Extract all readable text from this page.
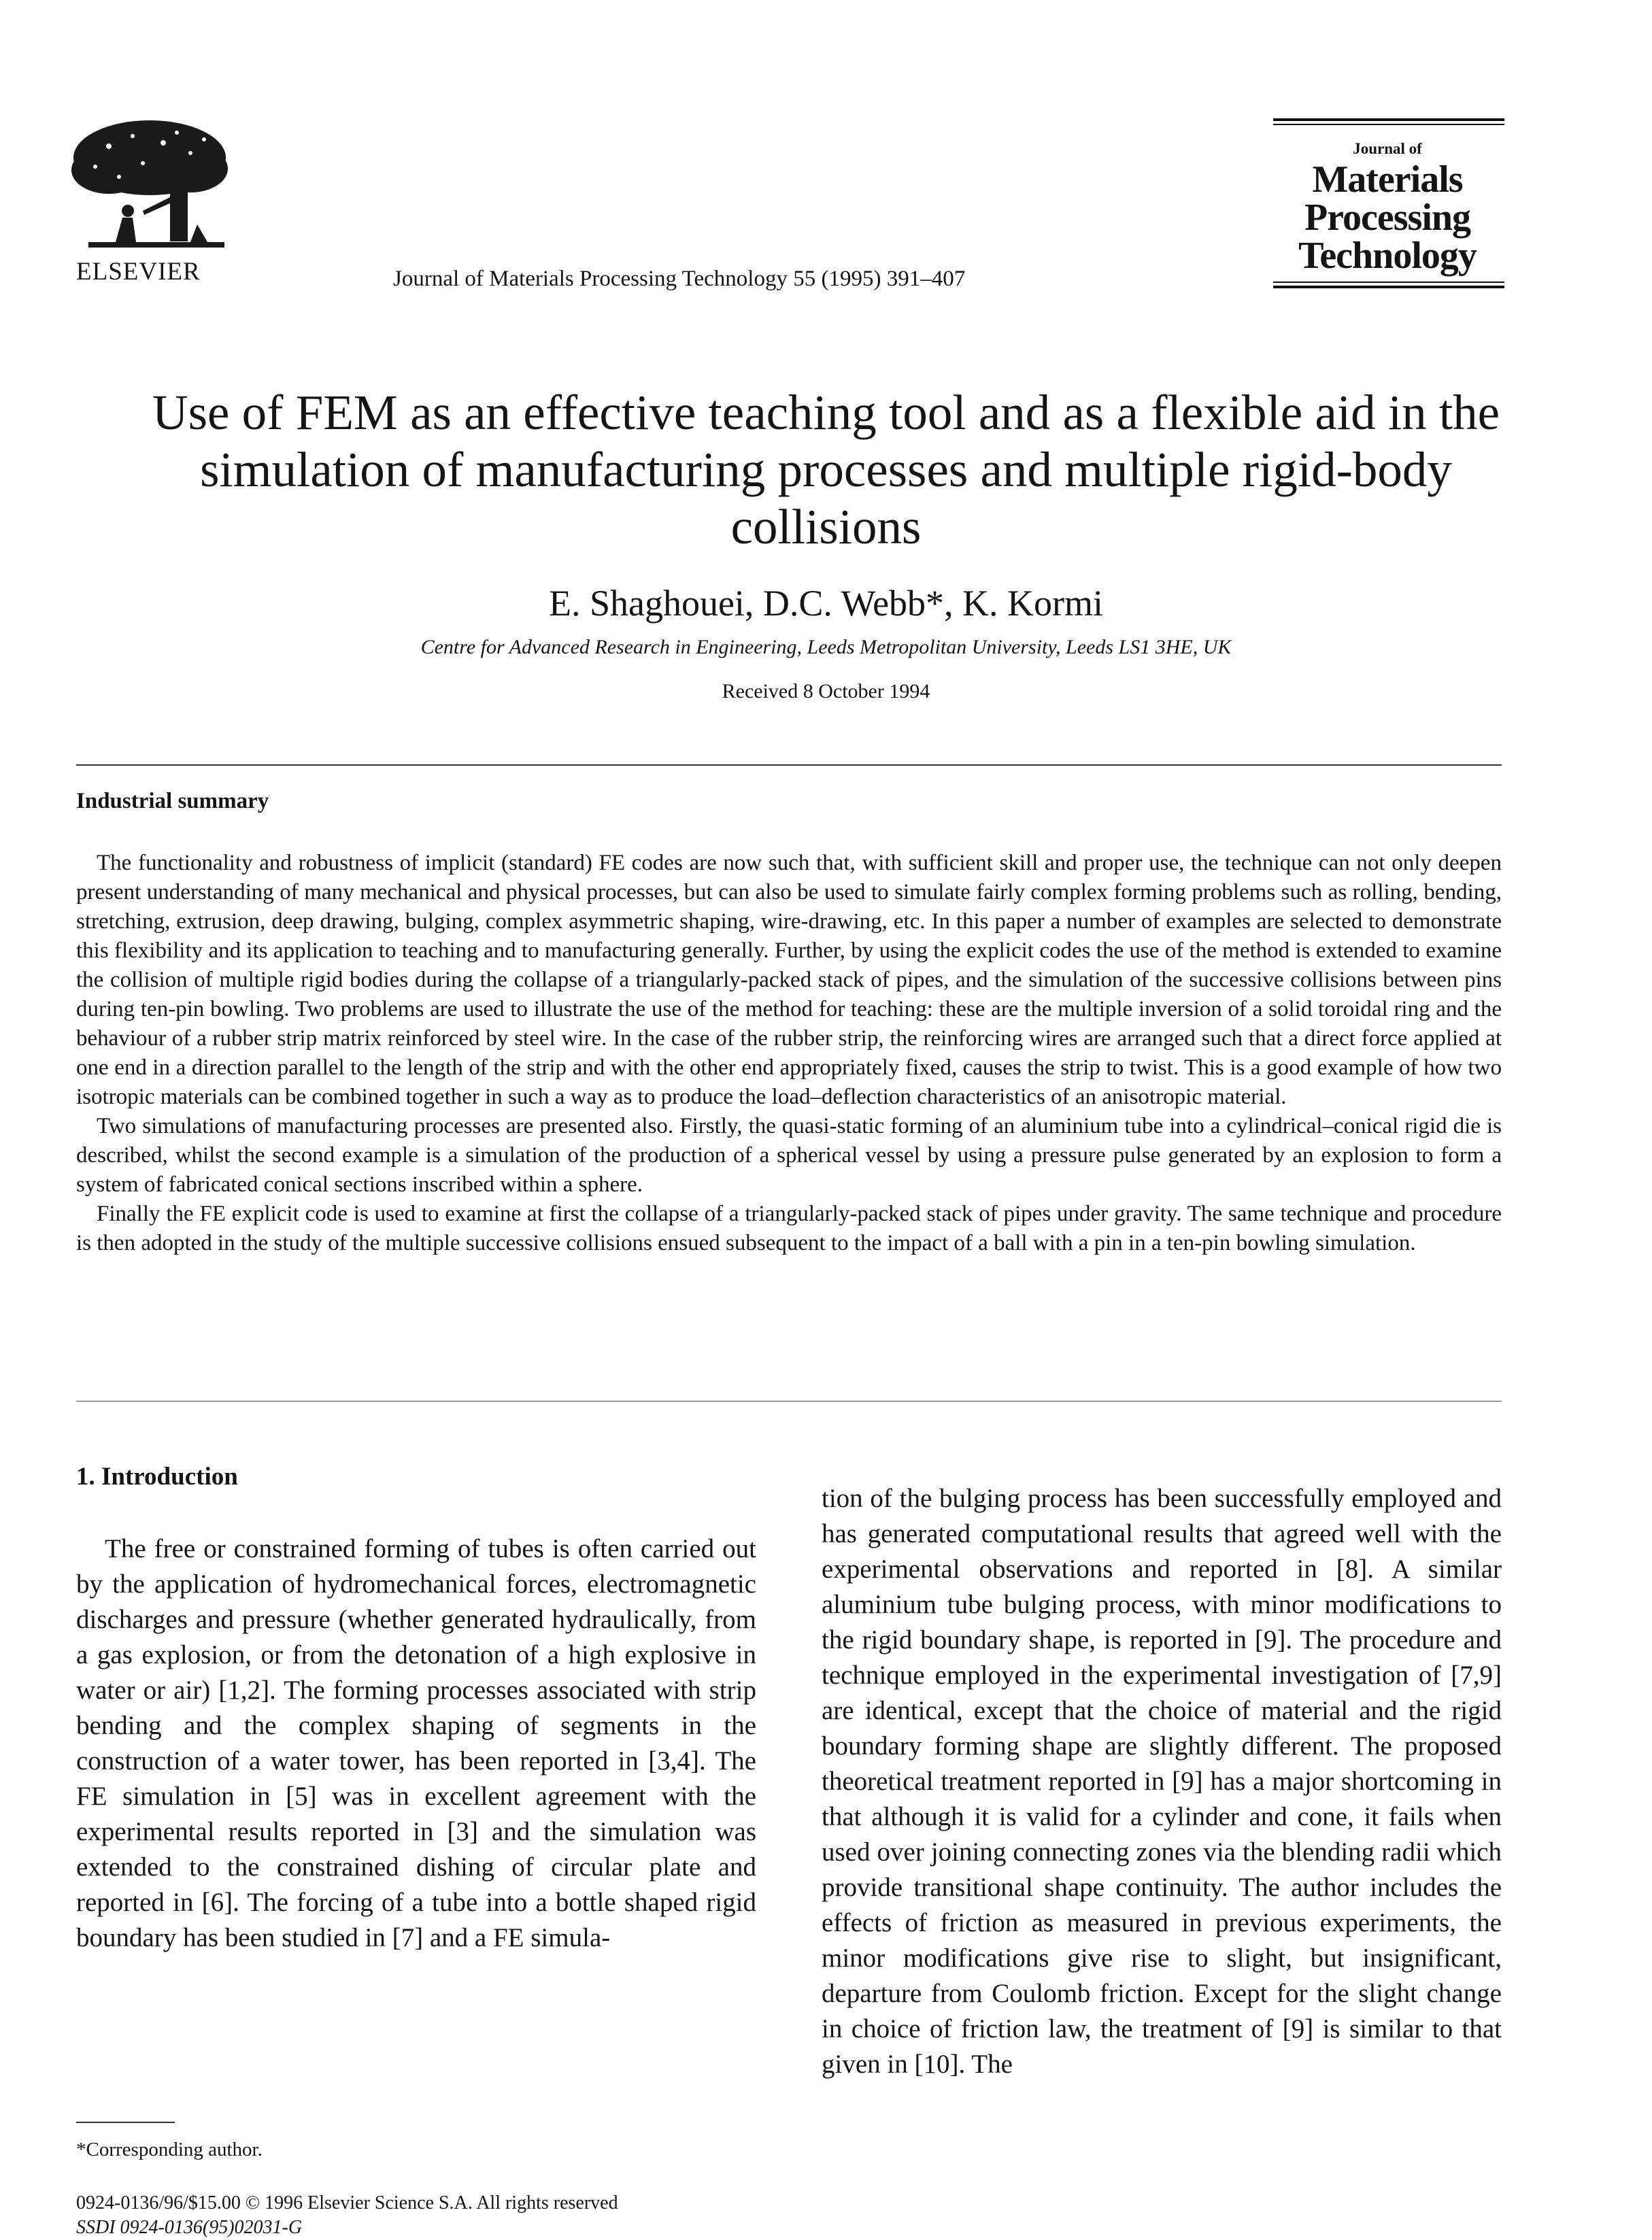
ELSEVIER	Journal of Materials Processing Technology 55 (1995) 391–407
Journal of
Materials
Processing
Technology
Use of FEM as an effective teaching tool and as a flexible aid in the simulation of manufacturing processes and multiple rigid-body collisions
E. Shaghouei, D.C. Webb*, K. Kormi
Centre for Advanced Research in Engineering, Leeds Metropolitan University, Leeds LS1 3HE, UK
Received 8 October 1994
Industrial summary

The functionality and robustness of implicit (standard) FE codes are now such that, with sufficient skill and proper use, the technique can not only deepen present understanding of many mechanical and physical processes, but can also be used to simulate fairly complex forming problems such as rolling, bending, stretching, extrusion, deep drawing, bulging, complex asymmetric shaping, wire-drawing, etc. In this paper a number of examples are selected to demonstrate this flexibility and its application to teaching and to manufacturing generally. Further, by using the explicit codes the use of the method is extended to examine the collision of multiple rigid bodies during the collapse of a triangularly-packed stack of pipes, and the simulation of the successive collisions between pins during ten-pin bowling. Two problems are used to illustrate the use of the method for teaching: these are the multiple inversion of a solid toroidal ring and the behaviour of a rubber strip matrix reinforced by steel wire. In the case of the rubber strip, the reinforcing wires are arranged such that a direct force applied at one end in a direction parallel to the length of the strip and with the other end appropriately fixed, causes the strip to twist. This is a good example of how two isotropic materials can be combined together in such a way as to produce the load–deflection characteristics of an anisotropic material.

Two simulations of manufacturing processes are presented also. Firstly, the quasi-static forming of an aluminium tube into a cylindrical–conical rigid die is described, whilst the second example is a simulation of the production of a spherical vessel by using a pressure pulse generated by an explosion to form a system of fabricated conical sections inscribed within a sphere.

Finally the FE explicit code is used to examine at first the collapse of a triangularly-packed stack of pipes under gravity. The same technique and procedure is then adopted in the study of the multiple successive collisions ensued subsequent to the impact of a ball with a pin in a ten-pin bowling simulation.

1. Introduction

The free or constrained forming of tubes is often carried out by the application of hydromechanical forces, electromagnetic discharges and pressure (whether generated hydraulically, from a gas explosion, or from the detonation of a high explosive in water or air) [1,2]. The forming processes associated with strip bending and the complex shaping of segments in the construction of a water tower, has been reported in [3,4]. The FE simulation in [5] was in excellent agreement with the experimental results reported in [3] and the simulation was extended to the constrained dishing of circular plate and reported in [6]. The forcing of a tube into a bottle shaped rigid boundary has been studied in [7] and a FE simula-

tion of the bulging process has been successfully employed and has generated computational results that agreed well with the experimental observations and reported in [8]. A similar aluminium tube bulging process, with minor modifications to the rigid boundary shape, is reported in [9]. The procedure and technique employed in the experimental investigation of [7,9] are identical, except that the choice of material and the rigid boundary forming shape are slightly different. The proposed theoretical treatment reported in [9] has a major shortcoming in that although it is valid for a cylinder and cone, it fails when used over joining connecting zones via the blending radii which provide transitional shape continuity. The author includes the effects of friction as measured in previous experiments, the minor modifications give rise to slight, but insignificant, departure from Coulomb friction. Except for the slight change in choice of friction law, the treatment of [9] is similar to that given in [10]. The

*Corresponding author.
0924-0136/96/$15.00 © 1996 Elsevier Science S.A. All rights reserved
SSDI 0924-0136(95)02031-G
